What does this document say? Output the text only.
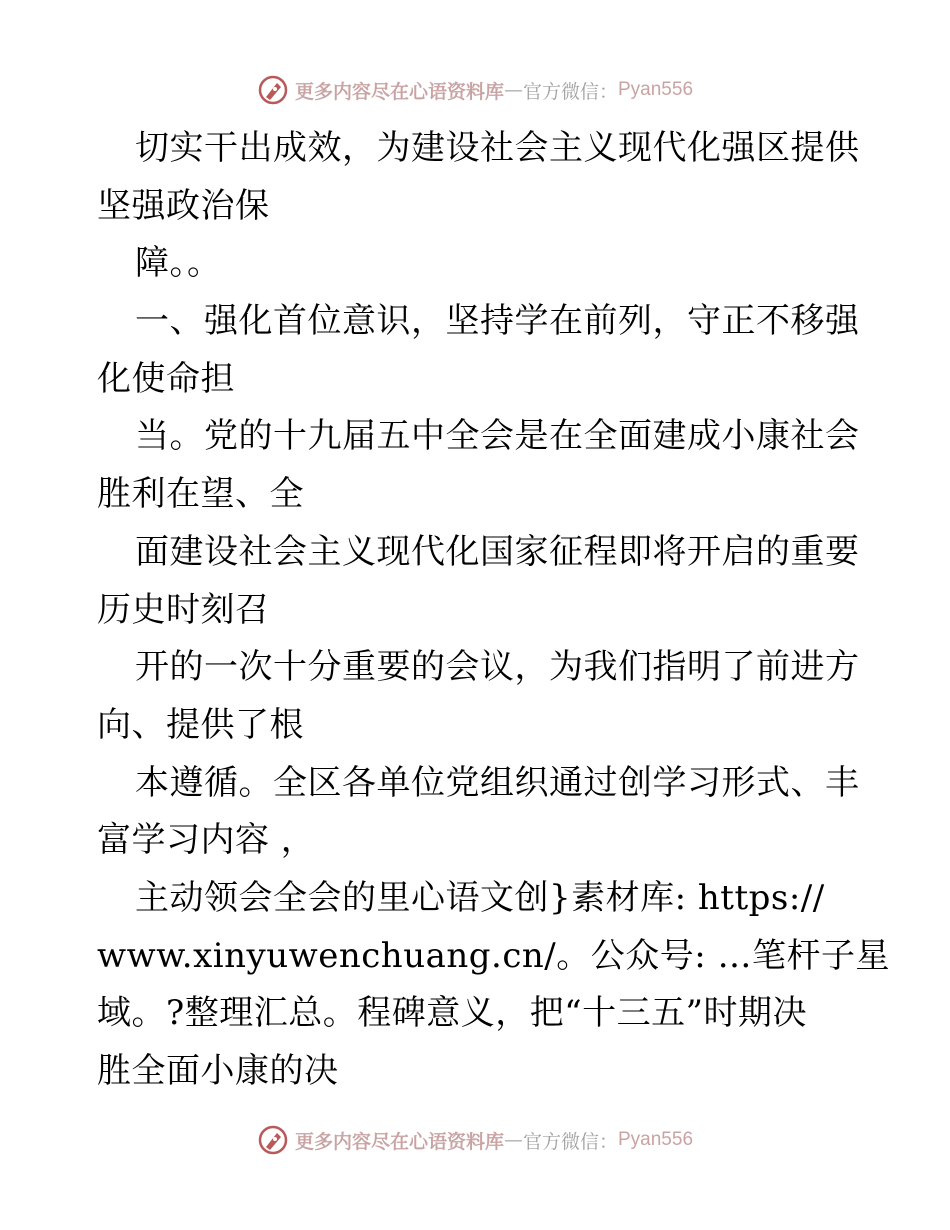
更多内容尽在心语资料库 — 官方微信： Pyan556
切实干出成效，为建设社会主义现代化强区提供
坚强政治保
障。。
一、强化首位意识，坚持学在前列，守正不移强
化使命担
当。党的十九届五中全会是在全面建成小康社会
胜利在望、全
面建设社会主义现代化国家征程即将开启的重要
历史时刻召
开的一次十分重要的会议，为我们指明了前进方
向、提供了根
本遵循。全区各单位党组织通过创学习形式、丰
富学习内容 ，
主动领会全会的里心语文创}素材库: https://
www.xinyuwenchuang.cn/。公众号: …笔杆子星
域。?整理汇总。程碑意义，把“十三五”时期决
胜全面小康的决
更多内容尽在心语资料库 — 官方微信： Pyan556
